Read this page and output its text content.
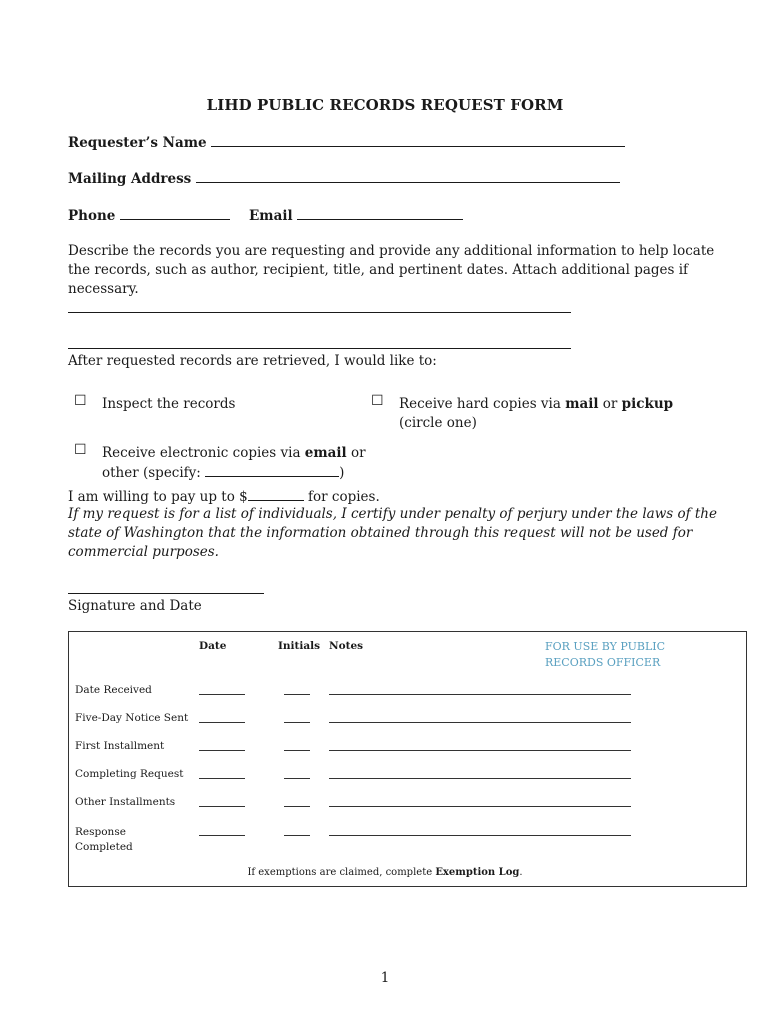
LIHD PUBLIC RECORDS REQUEST FORM
Requester’s Name
Mailing Address
Phone	Email
Describe the records you are requesting and provide any additional information to help locate the records, such as author, recipient, title, and pertinent dates. Attach additional pages if necessary.
After requested records are retrieved, I would like to:
☐ Inspect the records	☐ Receive hard copies via mail or pickup
(circle one)
☐ Receive electronic copies via email or
other (specify:	)
I am willing to pay up to $	for copies.
If my request is for a list of individuals, I certify under penalty of perjury under the laws of the state of Washington that the information obtained through this request will not be used for commercial purposes.
Signature and Date
Date	Initials Notes	FOR USE BY PUBLIC RECORDS OFFICER
Date Received
Five-Day Notice Sent
First Installment
Completing Request
Other Installments
Response Completed
If exemptions are claimed, complete Exemption Log.
1
